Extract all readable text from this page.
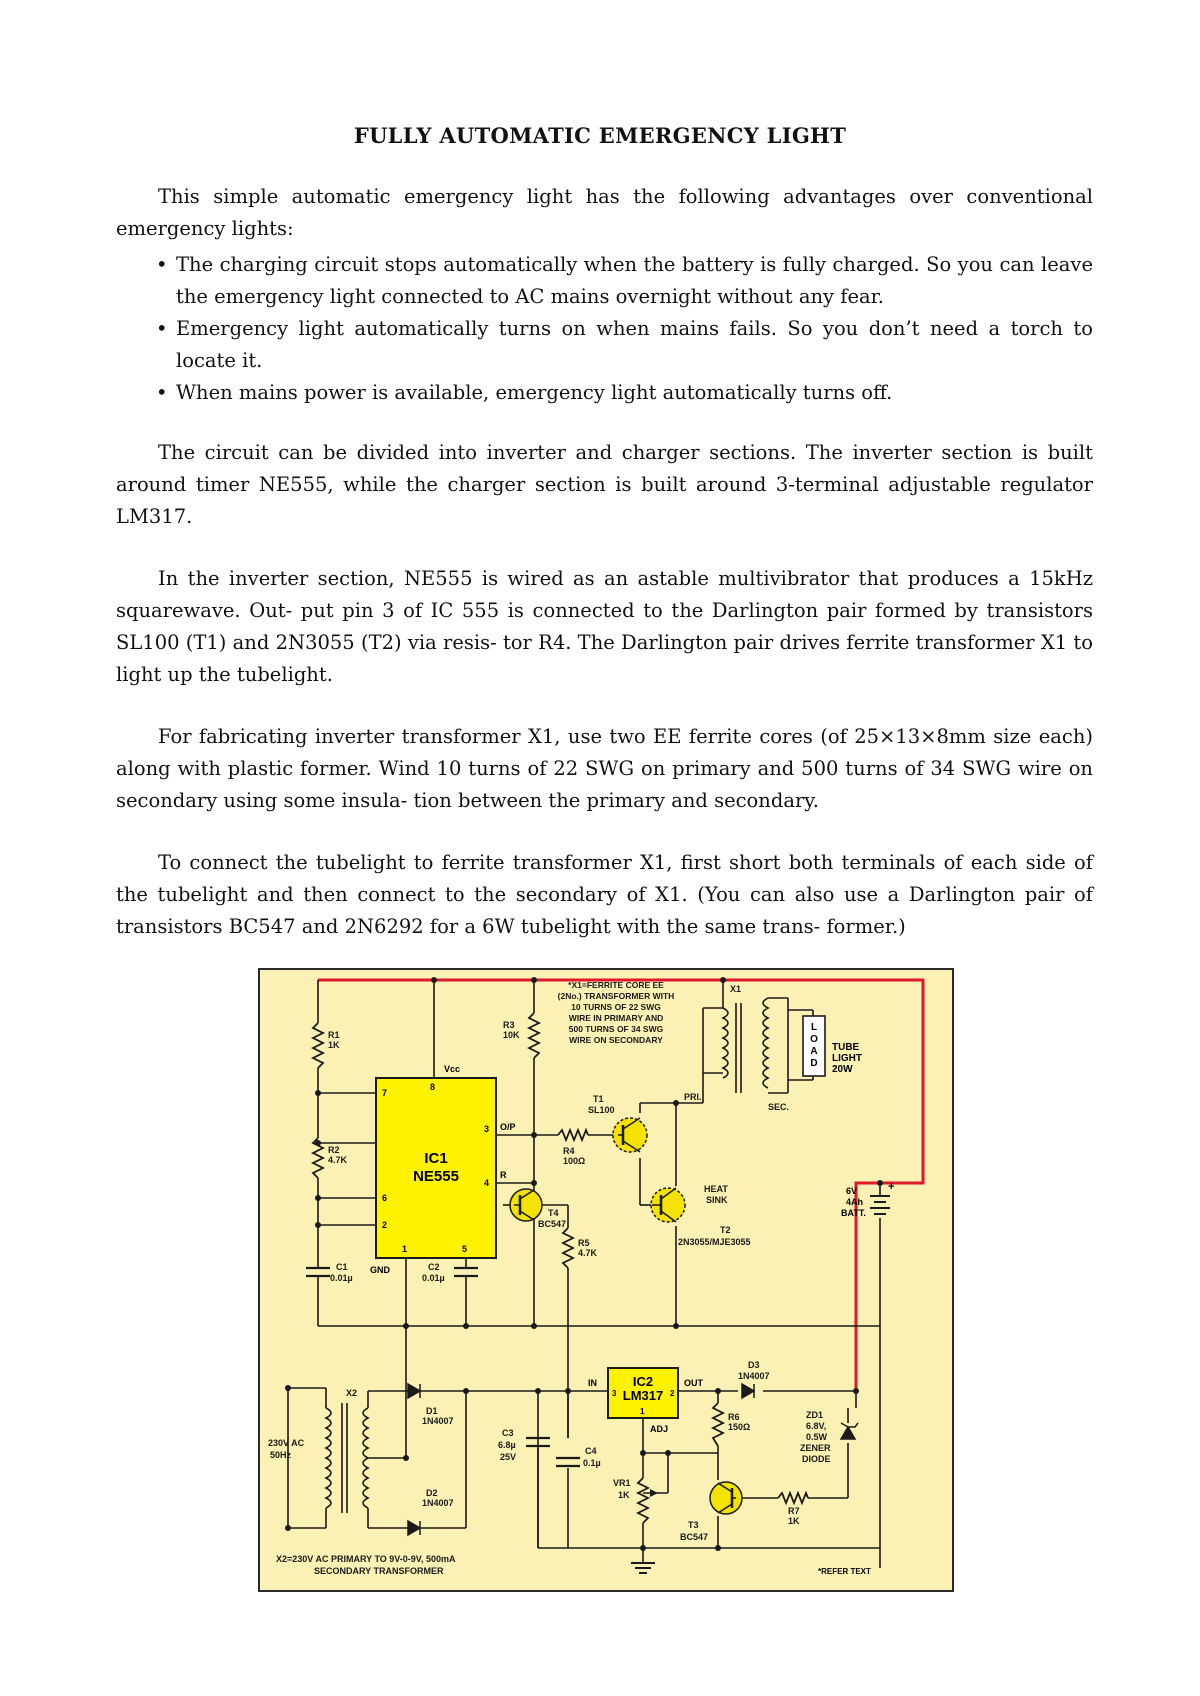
FULLY AUTOMATIC EMERGENCY LIGHT

This simple automatic emergency light has the following advantages over conventional emergency lights:

• The charging circuit stops automatically when the battery is fully charged. So you can leave the emergency light connected to AC mains overnight without any fear.
• Emergency light automatically turns on when mains fails. So you don’t need a torch to locate it.
• When mains power is available, emergency light automatically turns off.

The circuit can be divided into inverter and charger sections. The inverter section is built around timer NE555, while the charger section is built around 3-terminal adjustable regulator LM317.

In the inverter section, NE555 is wired as an astable multivibrator that produces a 15kHz squarewave. Out- put pin 3 of IC 555 is connected to the Darlington pair formed by transistors SL100 (T1) and 2N3055 (T2) via resis- tor R4. The Darlington pair drives ferrite transformer X1 to light up the tubelight.

For fabricating inverter transformer X1, use two EE ferrite cores (of 25×13×8mm size each) along with plastic former. Wind 10 turns of 22 SWG on primary and 500 turns of 34 SWG wire on secondary using some insula- tion between the primary and secondary.

To connect the tubelight to ferrite transformer X1, first short both terminals of each side of the tubelight and then connect to the secondary of X1. (You can also use a Darlington pair of transistors BC547 and 2N6292 for a 6W tubelight with the same trans- former.)

IC1
NE555
Vcc
GND
7
8
3
6
4
2
1	5
O/P
R
IC2
LM317
3	2
1
IN	OUT
ADJ
L
O
A
D
TUBE
LIGHT
20W
+
6V
4Ah
BATT.
R1
1K
R2
4.7K
R3
10K
R4
100Ω
R5
4.7K
R6
150Ω
R7
1K
C1
0.01µ
C2
0.01µ
C3
6.8µ
25V
C4
0.1µ
VR1
1K
T1
SL100
HEAT
SINK
T2
2N3055/MJE3055
T3
BC547
T4
BC547
D1
1N4007
D2
1N4007
D3
1N4007
ZD1
6.8V,
0.5W
ZENER
DIODE
X1
PRI.
SEC.
X2
230V AC
50Hz
*X1=FERRITE CORE EE
(2No.) TRANSFORMER WITH
10 TURNS OF 22 SWG
WIRE IN PRIMARY AND
500 TURNS OF 34 SWG
WIRE ON SECONDARY
X2=230V AC PRIMARY TO 9V-0-9V, 500mA
SECONDARY TRANSFORMER	*REFER TEXT
